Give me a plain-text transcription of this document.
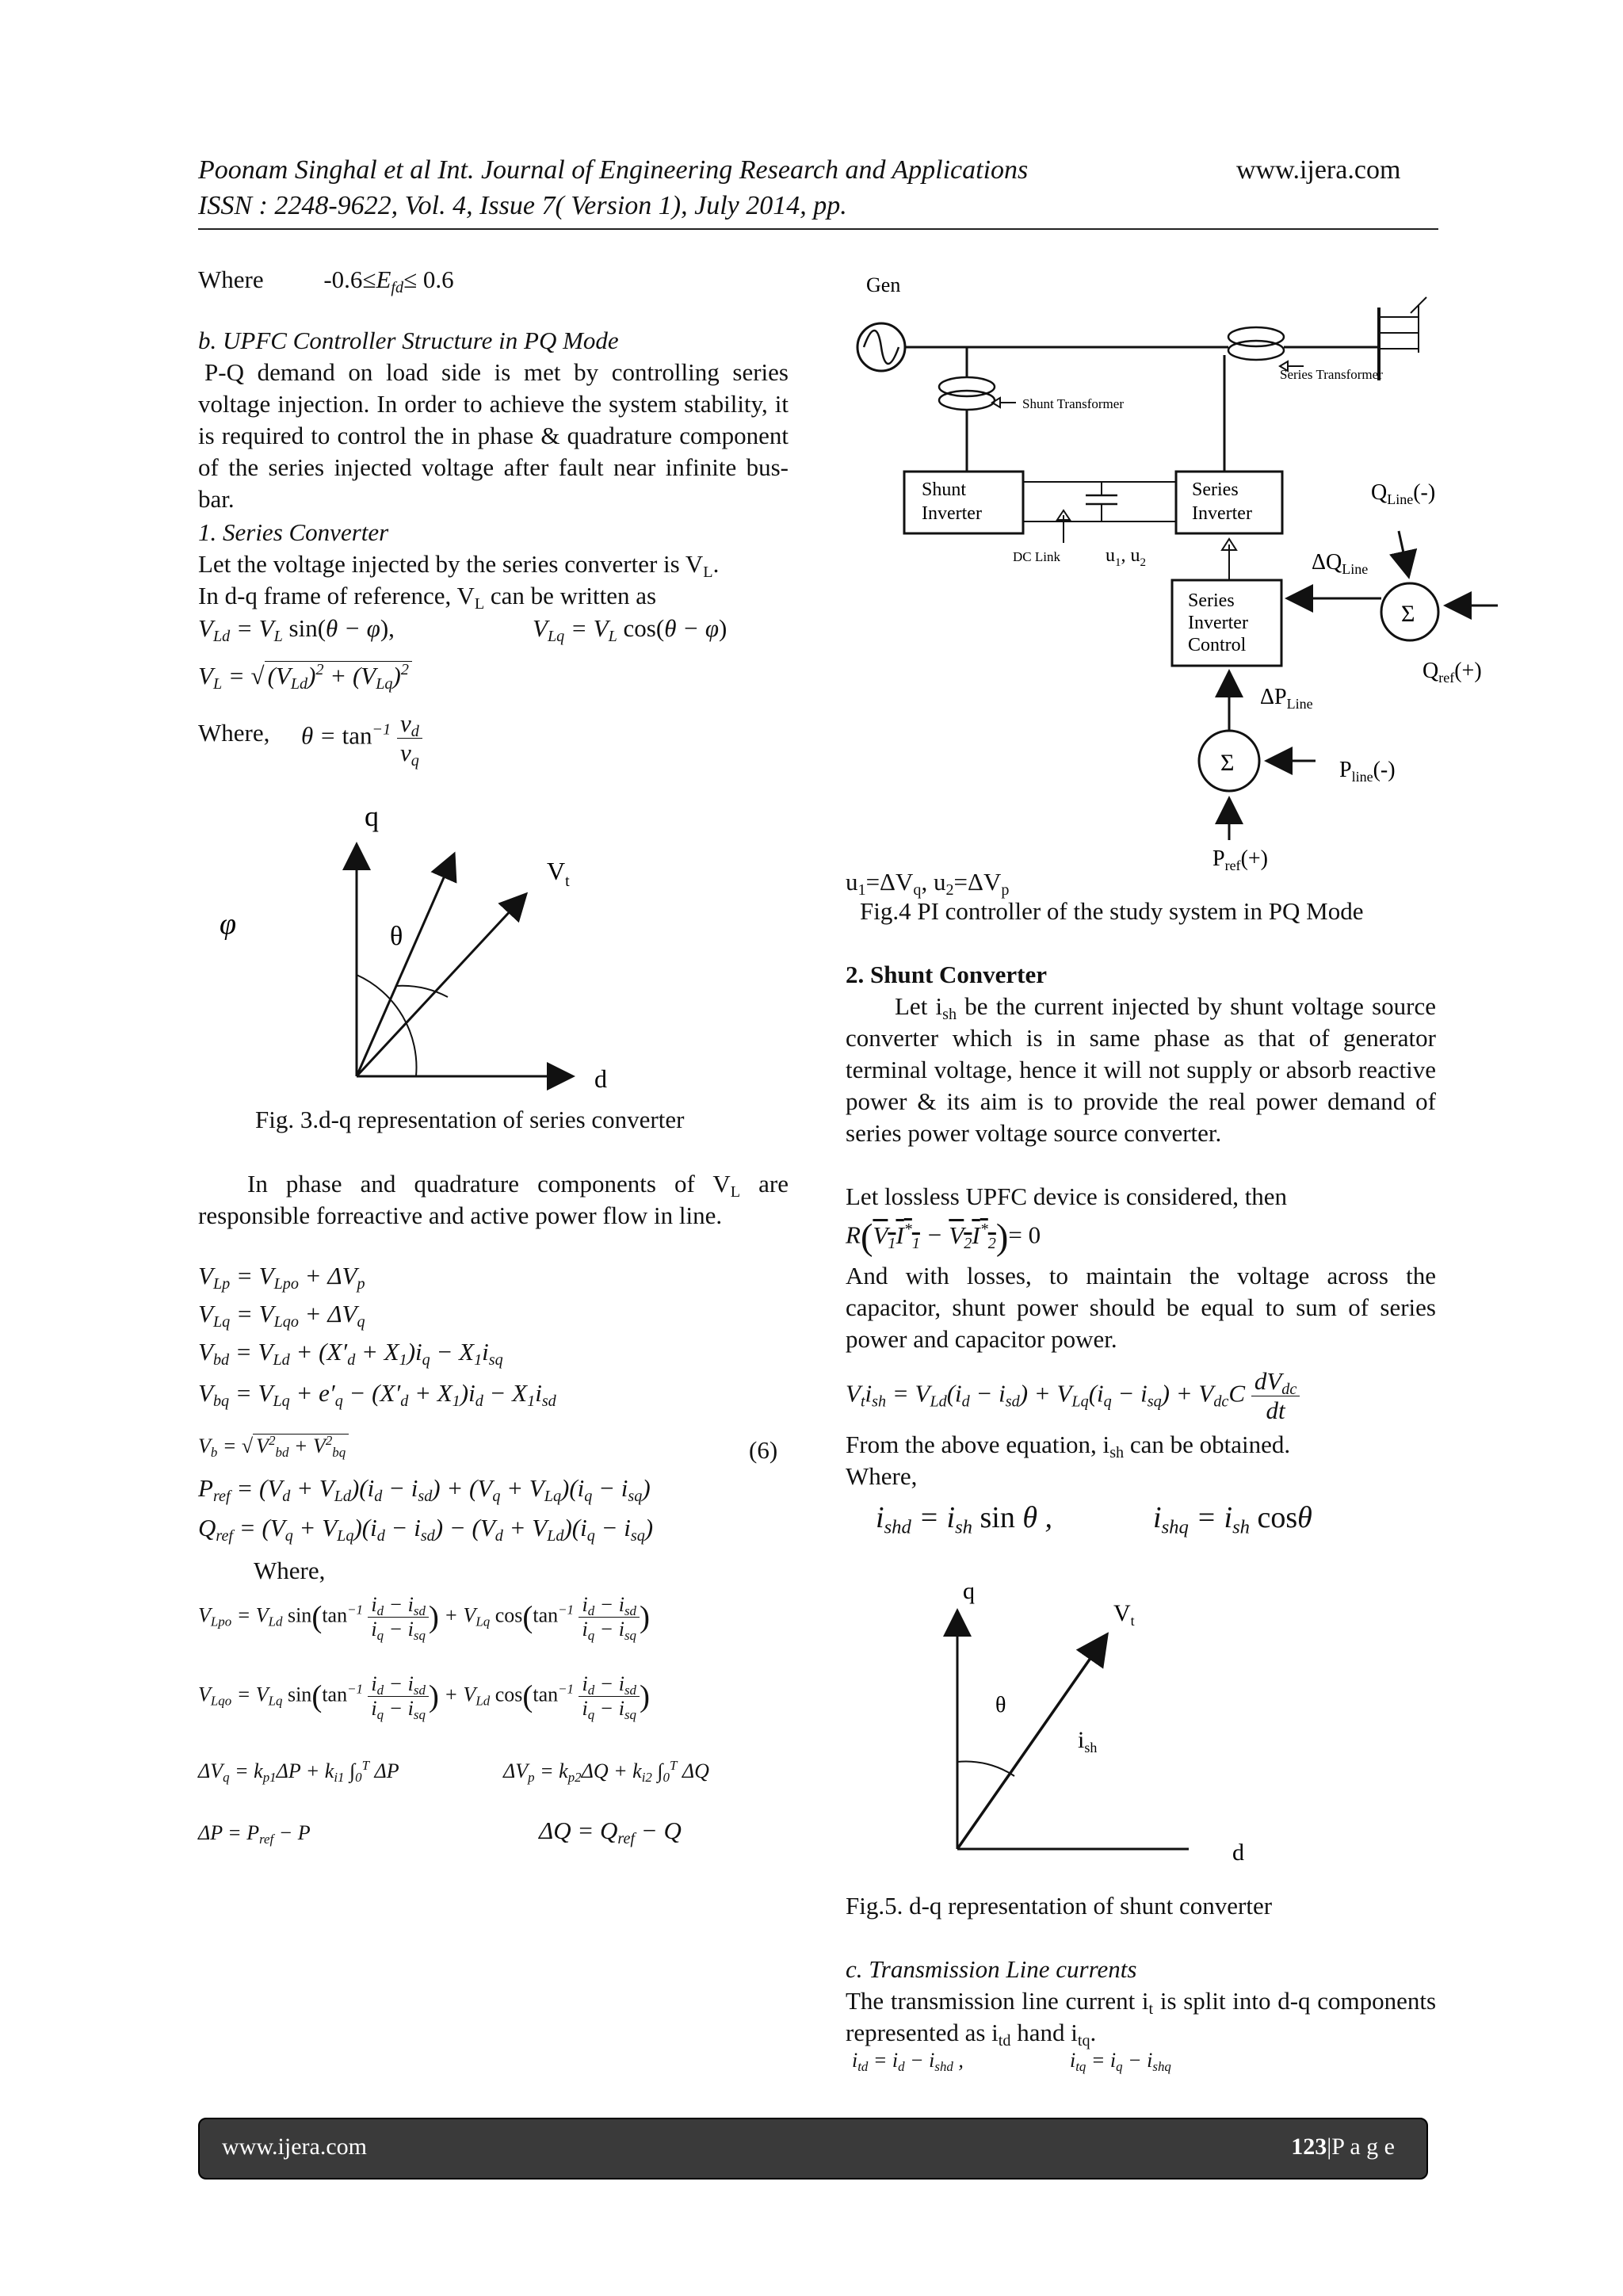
Poonam Singhal et al Int. Journal of Engineering Research and Applications	www.ijera.com
ISSN : 2248-9622, Vol. 4, Issue 7( Version 1), July 2014, pp.
Where $-0.6\le E_{fd}\le 0.6$
b. UPFC Controller Structure in PQ Mode
P-Q demand on load side is met by controlling series voltage injection. In order to achieve the system stability, it is required to control the in phase & quadrature component of the series injected voltage after fault near infinite bus-bar.
1. Series Converter
Let the voltage injected by the series converter is $V_L$.
In d-q frame of reference, $V_L$ can be written as
$V_{Ld} = V_L$ sin(θ − φ),	$V_{Lq} = V_L$ cos(θ − φ)
$V_L$ = √ $(V_{Ld})^2 + (V_{Lq})^2$
Where, $\theta = \tan^{-1} \frac{v_d}{v_q}$
q
d
θ
φ
$V_t$
Fig. 3.d-q representation of series converter
In phase and quadrature components of $V_L$ are responsible forreactive and active power flow in line.
$V_{Lp} = V_{Lpo} + \Delta V_p$
$V_{Lq} = V_{Lqo} + \Delta V_q$
$V_{bd} = V_{Ld} + (X'_d + X_1)i_q - X_1i_{sq}$
$V_{bq} = V_{Lq} + e'_q - (X'_d + X_1)i_d - X_1i_{sd}$
$V_b$ = √ $V^2_{bd} + V^2_{bq}$	(6)
$P_{ref} = (V_d + V_{Ld})(i_d - i_{sd}) + (V_q + V_{Lq})(i_q - i_{sq})$
$Q_{ref} = (V_q + V_{Lq})(i_d - i_{sd}) - (V_d + V_{Ld})(i_q - i_{sq})$
Where,
$V_{Lpo} = V_{Ld}$ $\sin(\tan^{-1} \frac{i_d - i_{sd}}{i_q - i_{sq}}$ ) + $V_{Lq}$ $\cos(\tan^{-1} \frac{i_d - i_{sd}}{i_q - i_{sq}}$ )
$V_{Lqo} = V_{Lq}$ $\sin(\tan^{-1} \frac{i_d - i_{sd}}{i_q - i_{sq}}$ ) + $V_{Ld}$ $\cos(\tan^{-1} \frac{i_d - i_{sd}}{i_q - i_{sq}}$ )
$\Delta V_q = k_{p1}\Delta P + k_{i1}$ $\int_0^T$ ΔP	$\Delta V_p = k_{p2}\Delta Q + k_{i2}$ $\int_0^T$ ΔQ
$\Delta P = P_{ref} - P$	$\Delta Q = Q_{ref} - Q$
Gen
Series Transformer
Shunt Transformer
Shunt
Inverter
Series
Inverter
DC Link $u_1$, $u_2$
Series
Inverter
Control
Σ
$Q_{Line}(-)$
$\Delta Q_{Line}$
$Q_{ref}(+)$
$\Delta P_{Line}$
Σ	$P_{line}(-)$
$P_{ref}(+)$
$u_1=\Delta V_q$, $u_2=\Delta V_p$
Fig.4 PI controller of the study system in PQ Mode
2. Shunt Converter
Let $i_{sh}$ be the current injected by shunt voltage source converter which is in same phase as that of generator terminal voltage, hence it will not supply or absorb reactive power & its aim is to provide the real power demand of series power voltage source converter.
Let lossless UPFC device is considered, then
$R(V_1I^*_1 - V_2I^*_2)= 0$
And with losses, to maintain the voltage across the capacitor, shunt power should be equal to sum of series power and capacitor power.
$V_ti_{sh} = V_{Ld}(i_d - i_{sd}) + V_{Lq}(i_q - i_{sq}) + V_{dc}C \frac{dV_{dc}}{dt}$
From the above equation, $i_{sh}$ can be obtained.
Where,
$i_{shd} = i_{sh}$ sin θ ,	$i_{shq} = i_{sh}$ cosθ
q
d
θ
$V_t$
$i_{sh}$
Fig.5. d-q representation of shunt converter
c. Transmission Line currents
The transmission line current $i_t$ is split into d-q components represented as $i_{td}$ hand $i_{tq}$.
$i_{td} = i_d - i_{shd}$ ,	$i_{tq} = i_q - i_{shq}$
www.ijera.com	123|P a g e
